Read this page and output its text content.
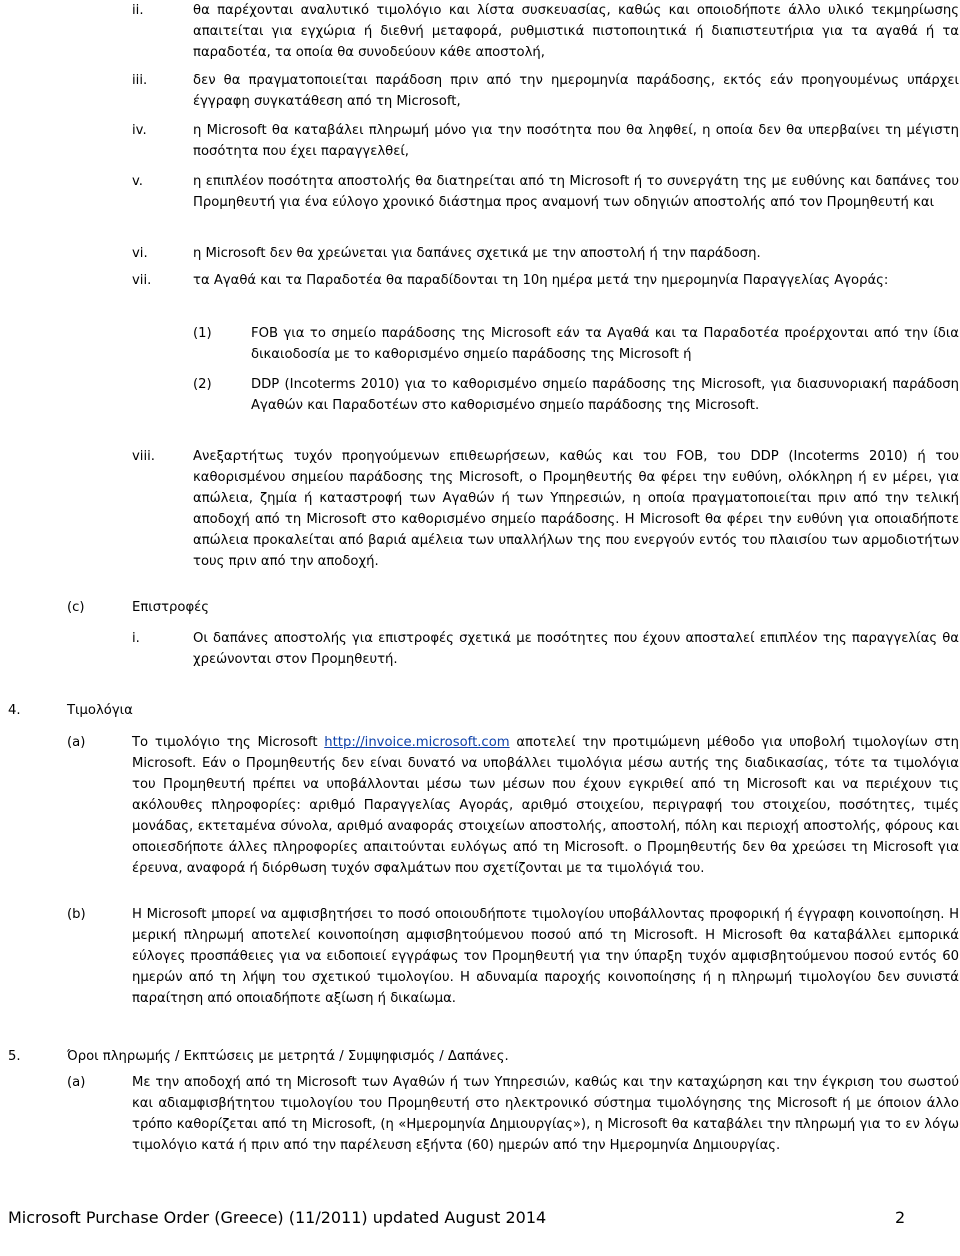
ii.	θα παρέχονται αναλυτικό τιμολόγιο και λίστα συσκευασίας, καθώς και οποιοδήποτε άλλο υλικό τεκμηρίωσης απαιτείται για εγχώρια ή διεθνή μεταφορά, ρυθμιστικά πιστοποιητικά ή διαπιστευτήρια για τα αγαθά ή τα παραδοτέα, τα οποία θα συνοδεύουν κάθε αποστολή,

iii.	δεν θα πραγματοποιείται παράδοση πριν από την ημερομηνία παράδοσης, εκτός εάν προηγουμένως υπάρχει έγγραφη συγκατάθεση από τη Microsoft,

iv.	η Microsoft θα καταβάλει πληρωμή μόνο για την ποσότητα που θα ληφθεί, η οποία δεν θα υπερβαίνει τη μέγιστη ποσότητα που έχει παραγγελθεί,

v.	η επιπλέον ποσότητα αποστολής θα διατηρείται από τη Microsoft ή το συνεργάτη της με ευθύνης και δαπάνες του Προμηθευτή για ένα εύλογο χρονικό διάστημα προς αναμονή των οδηγιών αποστολής από τον Προμηθευτή και

vi.	η Microsoft δεν θα χρεώνεται για δαπάνες σχετικά με την αποστολή ή την παράδοση.

vii.	τα Αγαθά και τα Παραδοτέα θα παραδίδονται τη 10η ημέρα μετά την ημερομηνία Παραγγελίας Αγοράς:

(1)	FOB για το σημείο παράδοσης της Microsoft εάν τα Αγαθά και τα Παραδοτέα προέρχονται από την ίδια δικαιοδοσία με το καθορισμένο σημείο παράδοσης της Microsoft ή

(2)	DDP (Incoterms 2010) για το καθορισμένο σημείο παράδοσης της Microsoft, για διασυνοριακή παράδοση Αγαθών και Παραδοτέων στο καθορισμένο σημείο παράδοσης της Microsoft.

viii.	Ανεξαρτήτως τυχόν προηγούμενων επιθεωρήσεων, καθώς και του FOB, του DDP (Incoterms 2010) ή του καθορισμένου σημείου παράδοσης της Microsoft, ο Προμηθευτής θα φέρει την ευθύνη, ολόκληρη ή εν μέρει, για απώλεια, ζημία ή καταστροφή των Αγαθών ή των Υπηρεσιών, η οποία πραγματοποιείται πριν από την τελική αποδοχή από τη Microsoft στο καθορισμένο σημείο παράδοσης. Η Microsoft θα φέρει την ευθύνη για οποιαδήποτε απώλεια προκαλείται από βαριά αμέλεια των υπαλλήλων της που ενεργούν εντός του πλαισίου των αρμοδιοτήτων τους πριν από την αποδοχή.

(c)	Επιστροφές

i.	Οι δαπάνες αποστολής για επιστροφές σχετικά με ποσότητες που έχουν αποσταλεί επιπλέον της παραγγελίας θα χρεώνονται στον Προμηθευτή.

4.	Τιμολόγια

(a)	Το τιμολόγιο της Microsoft http://invoice.microsoft.com αποτελεί την προτιμώμενη μέθοδο για υποβολή τιμολογίων στη Microsoft. Εάν ο Προμηθευτής δεν είναι δυνατό να υποβάλλει τιμολόγια μέσω αυτής της διαδικασίας, τότε τα τιμολόγια του Προμηθευτή πρέπει να υποβάλλονται μέσω των μέσων που έχουν εγκριθεί από τη Microsoft και να περιέχουν τις ακόλουθες πληροφορίες: αριθμό Παραγγελίας Αγοράς, αριθμό στοιχείου, περιγραφή του στοιχείου, ποσότητες, τιμές μονάδας, εκτεταμένα σύνολα, αριθμό αναφοράς στοιχείων αποστολής, αποστολή, πόλη και περιοχή αποστολής, φόρους και οποιεσδήποτε άλλες πληροφορίες απαιτούνται ευλόγως από τη Microsoft. ο Προμηθευτής δεν θα χρεώσει τη Microsoft για έρευνα, αναφορά ή διόρθωση τυχόν σφαλμάτων που σχετίζονται με τα τιμολόγιά του.

(b)	Η Microsoft μπορεί να αμφισβητήσει το ποσό οποιουδήποτε τιμολογίου υποβάλλοντας προφορική ή έγγραφη κοινοποίηση. Η μερική πληρωμή αποτελεί κοινοποίηση αμφισβητούμενου ποσού από τη Microsoft. Η Microsoft θα καταβάλλει εμπορικά εύλογες προσπάθειες για να ειδοποιεί εγγράφως τον Προμηθευτή για την ύπαρξη τυχόν αμφισβητούμενου ποσού εντός 60 ημερών από τη λήψη του σχετικού τιμολογίου. Η αδυναμία παροχής κοινοποίησης ή η πληρωμή τιμολογίου δεν συνιστά παραίτηση από οποιαδήποτε αξίωση ή δικαίωμα.

5.	Όροι πληρωμής / Εκπτώσεις με μετρητά / Συμψηφισμός / Δαπάνες.

(a)	Με την αποδοχή από τη Microsoft των Αγαθών ή των Υπηρεσιών, καθώς και την καταχώρηση και την έγκριση του σωστού και αδιαμφισβήτητου τιμολογίου του Προμηθευτή στο ηλεκτρονικό σύστημα τιμολόγησης της Microsoft ή με όποιον άλλο τρόπο καθορίζεται από τη Microsoft, (η «Ημερομηνία Δημιουργίας»), η Microsoft θα καταβάλει την πληρωμή για το εν λόγω τιμολόγιο κατά ή πριν από την παρέλευση εξήντα (60) ημερών από την Ημερομηνία Δημιουργίας.

Microsoft Purchase Order (Greece) (11/2011) updated August 2014	2
